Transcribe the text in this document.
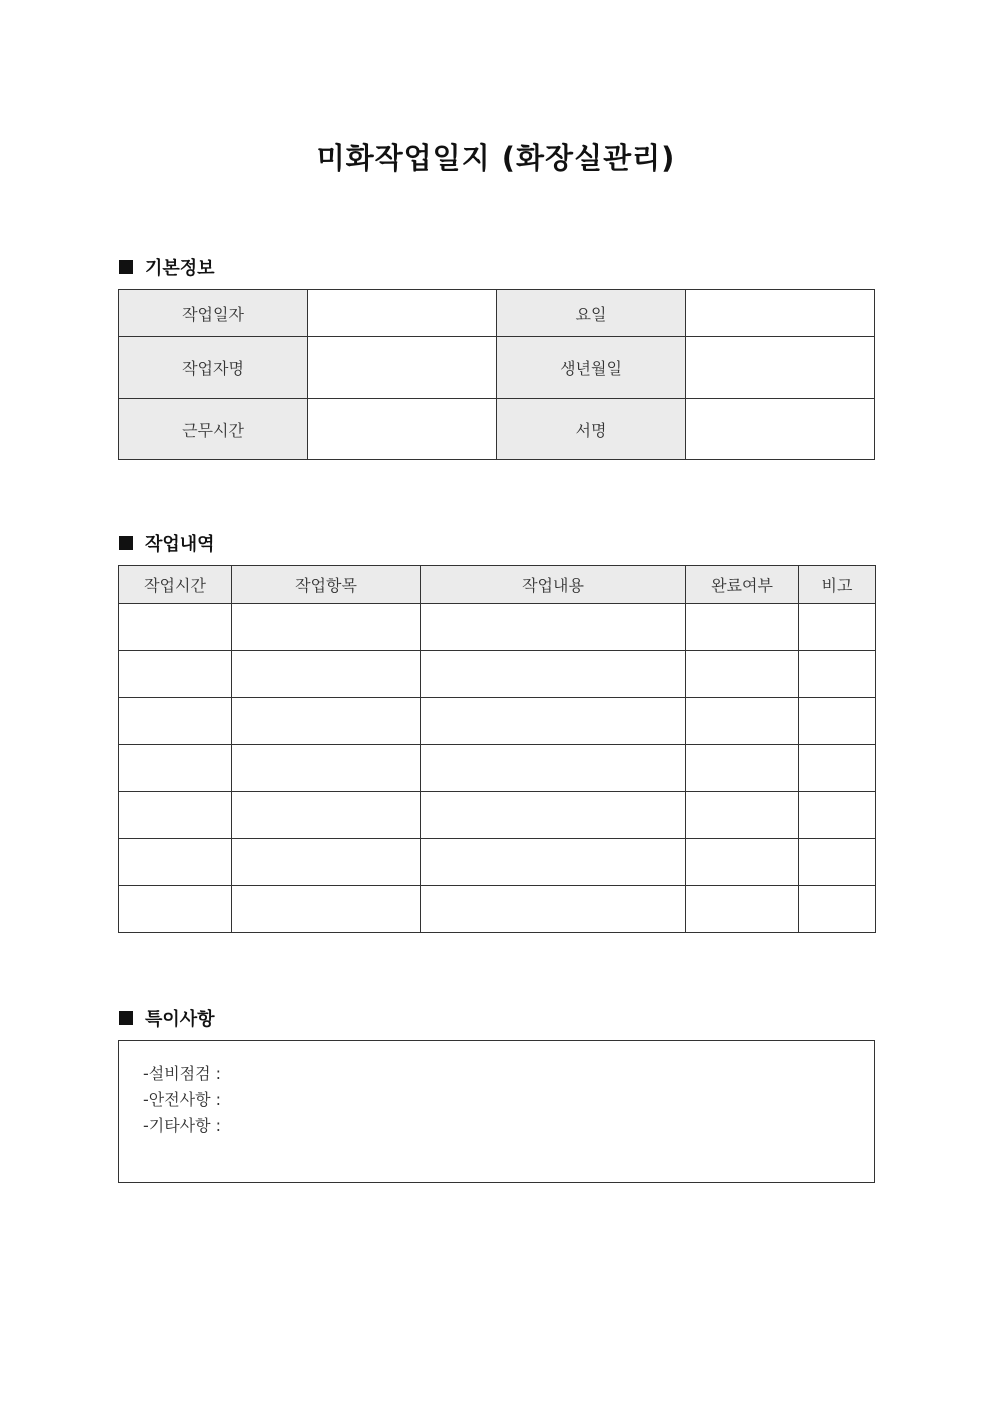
미화작업일지 (화장실관리)
기본정보
작업일자		요일	
작업자명		생년월일	
근무시간		서명	
작업내역
작업시간	작업항목	작업내용	완료여부	비고

특이사항
-설비점검 :
-안전사항 :
-기타사항 :
